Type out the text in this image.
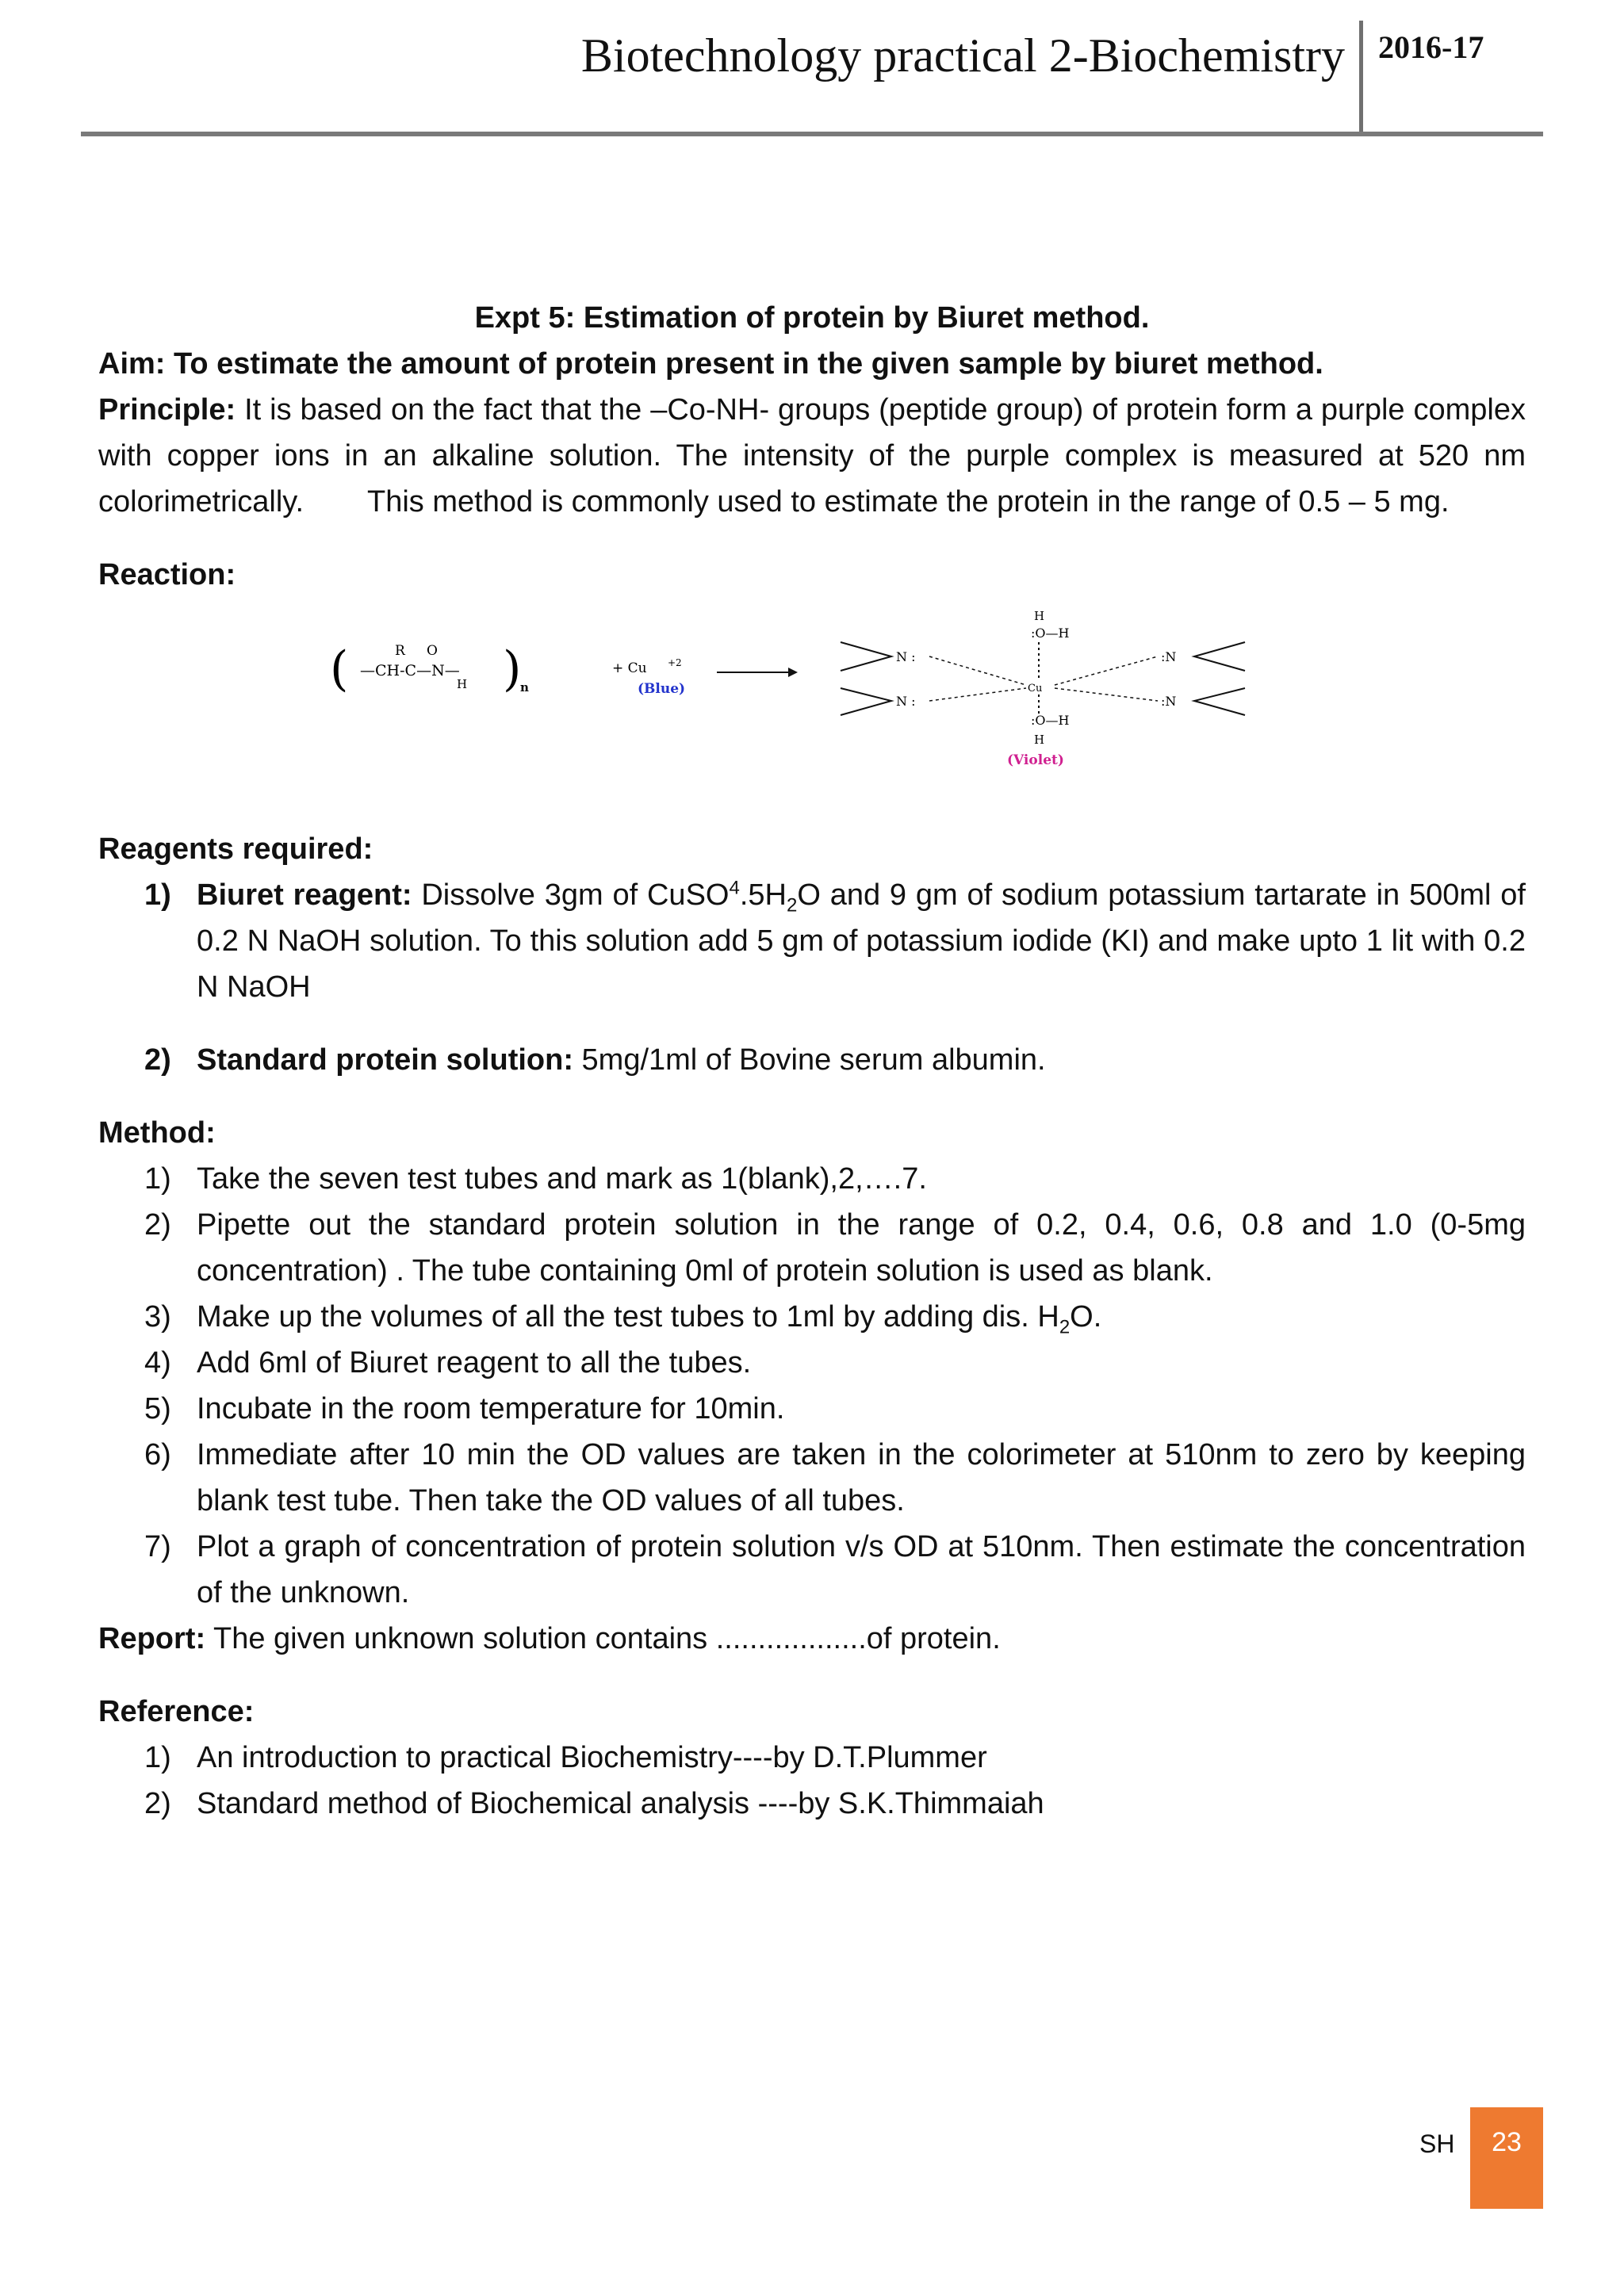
Biotechnology practical 2-Biochemistry 2016-17

Expt 5: Estimation of protein by Biuret method.

Aim: To estimate the amount of protein present in the given sample by biuret method.

Principle: It is based on the fact that the –Co-NH- groups (peptide group) of protein form a purple complex with copper ions in an alkaline solution. The intensity of the purple complex is measured at 520 nm colorimetrically. This method is commonly used to estimate the protein in the range of 0.5 – 5 mg.

Reaction:

(	R O
—CH-C—N—
H )
n
+ Cu +2
(Blue)
H
:O—H
Cu
:O—H
H
N :
N :
:N
:N
(Violet)

Reagents required:

1) Biuret reagent: Dissolve 3gm of $CuSO^4.5H_2O$ and 9 gm of sodium potassium tartarate in 500ml of 0.2 N NaOH solution. To this solution add 5 gm of potassium iodide (KI) and make upto 1 lit with 0.2 N NaOH
2) Standard protein solution: 5mg/1ml of Bovine serum albumin.

Method:

1) Take the seven test tubes and mark as 1(blank),2,….7.
2) Pipette out the standard protein solution in the range of 0.2, 0.4, 0.6, 0.8 and 1.0 (0-5mg concentration) . The tube containing 0ml of protein solution is used as blank.
3) Make up the volumes of all the test tubes to 1ml by adding dis. $H_2O$.
4) Add 6ml of Biuret reagent to all the tubes.
5) Incubate in the room temperature for 10min.
6) Immediate after 10 min the OD values are taken in the colorimeter at 510nm to zero by keeping blank test tube. Then take the OD values of all tubes.
7) Plot a graph of concentration of protein solution v/s OD at 510nm. Then estimate the concentration of the unknown.

Report: The given unknown solution contains ..................of protein.

Reference:

1) An introduction to practical Biochemistry----by D.T.Plummer
2) Standard method of Biochemical analysis ----by S.K.Thimmaiah
SH	23
